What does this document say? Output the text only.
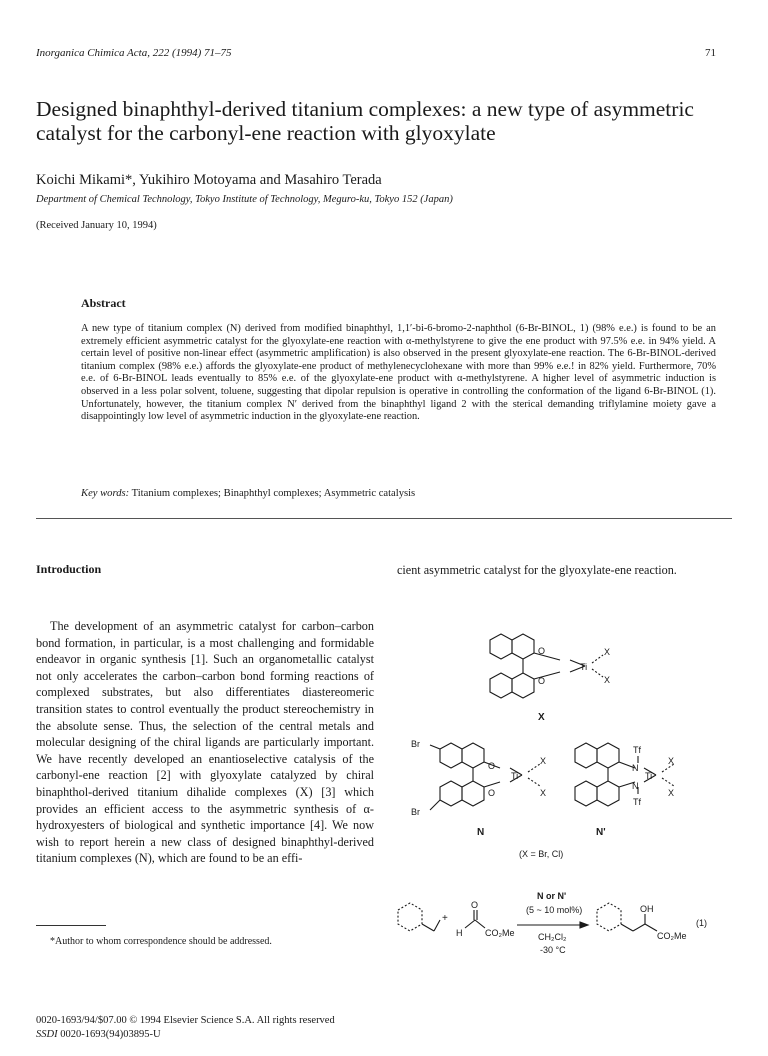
Inorganica Chimica Acta, 222 (1994) 71–75	71
Designed binaphthyl-derived titanium complexes: a new type of asymmetric catalyst for the carbonyl-ene reaction with glyoxylate
Koichi Mikami*, Yukihiro Motoyama and Masahiro Terada
Department of Chemical Technology, Tokyo Institute of Technology, Meguro-ku, Tokyo 152 (Japan)
(Received January 10, 1994)
Abstract
A new type of titanium complex (N) derived from modified binaphthyl, 1,1′-bi-6-bromo-2-naphthol (6-Br-BINOL, 1) (98% e.e.) is found to be an extremely efficient asymmetric catalyst for the glyoxylate-ene reaction with α-methylstyrene to give the ene product with 97.5% e.e. in 94% yield. A certain level of positive non-linear effect (asymmetric amplification) is also observed in the present glyoxylate-ene reaction. The 6-Br-BINOL-derived titanium complex (98% e.e.) affords the glyoxylate-ene product of methylenecyclohexane with more than 99% e.e.! in 82% yield. Furthermore, 70% e.e. of 6-Br-BINOL leads eventually to 85% e.e. of the glyoxylate-ene product with α-methylstyrene. A higher level of asymmetric induction is observed in a less polar solvent, toluene, suggesting that dipolar repulsion is operative in controlling the conformation of the ligand 6-Br-BINOL (1). Unfortunately, however, the titanium complex N′ derived from the binaphthyl ligand 2 with the sterical demanding triflylamine moiety gave a disappointingly low level of asymmetric induction in the glyoxylate-ene reaction.
Key words: Titanium complexes; Binaphthyl complexes; Asymmetric catalysis
Introduction
The development of an asymmetric catalyst for carbon–carbon bond formation, in particular, is a most challenging and formidable endeavor in organic synthesis [1]. Such an organometallic catalyst not only accelerates the carbon–carbon bond forming reactions of complexed substrates, but also differentiates diastereomeric transition states to control eventually the product stereochemistry in the absolute sense. Thus, the selection of the central metals and molecular designing of the chiral ligands are particularly important. We have recently developed an enantioselective catalysis of the carbonyl-ene reaction [2] with glyoxylate catalyzed by chiral binaphthol-derived titanium dihalide complexes (X) [3] which provides an efficient access to the asymmetric synthesis of α-hydroxyesters of biological and synthetic importance [4]. We now wish to report herein a new class of designed binaphthyl-derived titanium complexes (N), which are found to be an effi-
cient asymmetric catalyst for the glyoxylate-ene reaction.
*Author to whom correspondence should be addressed.
0020-1693/94/$07.00 © 1994 Elsevier Science S.A. All rights reserved
SSDI 0020-1693(94)03895-U
O
O
Ti
X
X
X
Br
Br
O
O
Ti
X
X
N
Tf
N
N
Tf
Ti
X
X
N'
(X = Br, Cl)
+
O
H	CO₂Me
N or N'
(5 ~ 10 mol%)
CH₂Cl₂
-30 °C
OH
CO₂Me
(1)
